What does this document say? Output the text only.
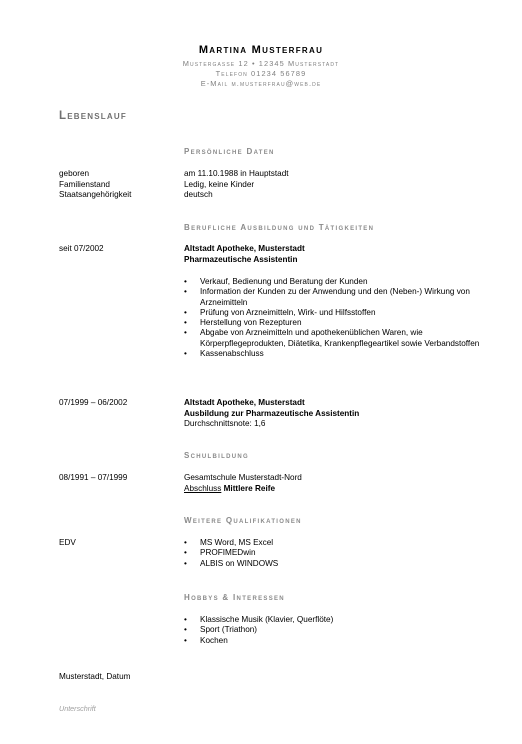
Martina Musterfrau
Mustergasse 12 • 12345 Musterstadt
Telefon 01234 56789
E-Mail m.musterfrau@web.de
Lebenslauf
Persönliche Daten
geboren	am 11.10.1988 in Hauptstadt
Familienstand	Ledig, keine Kinder
Staatsangehörigkeit	deutsch
Berufliche Ausbildung und Tätigkeiten
seit 07/2002	Altstadt Apotheke, Musterstadt
Pharmazeutische Assistentin
• Verkauf, Bedienung und Beratung der Kunden
• Information der Kunden zu der Anwendung und den (Neben-) Wirkung von Arzneimitteln
• Prüfung von Arzneimitteln, Wirk- und Hilfsstoffen
• Herstellung von Rezepturen
• Abgabe von Arzneimitteln und apothekenüblichen Waren, wie Körperpflegeprodukten, Diätetika, Krankenpflegeartikel sowie Verbandstoffen
• Kassenabschluss
07/1999 – 06/2002	Altstadt Apotheke, Musterstadt
Ausbildung zur Pharmazeutische Assistentin
Durchschnittsnote: 1,6
Schulbildung
08/1991 – 07/1999	Gesamtschule Musterstadt-Nord
Abschluss Mittlere Reife
Weitere Qualifikationen
EDV
•	MS Word, MS Excel
• PROFIMEDwin
• ALBIS on WINDOWS
Hobbys & Interessen
• Klassische Musik (Klavier, Querflöte)
• Sport (Triathon)
• Kochen
Musterstadt, Datum
Unterschrift
